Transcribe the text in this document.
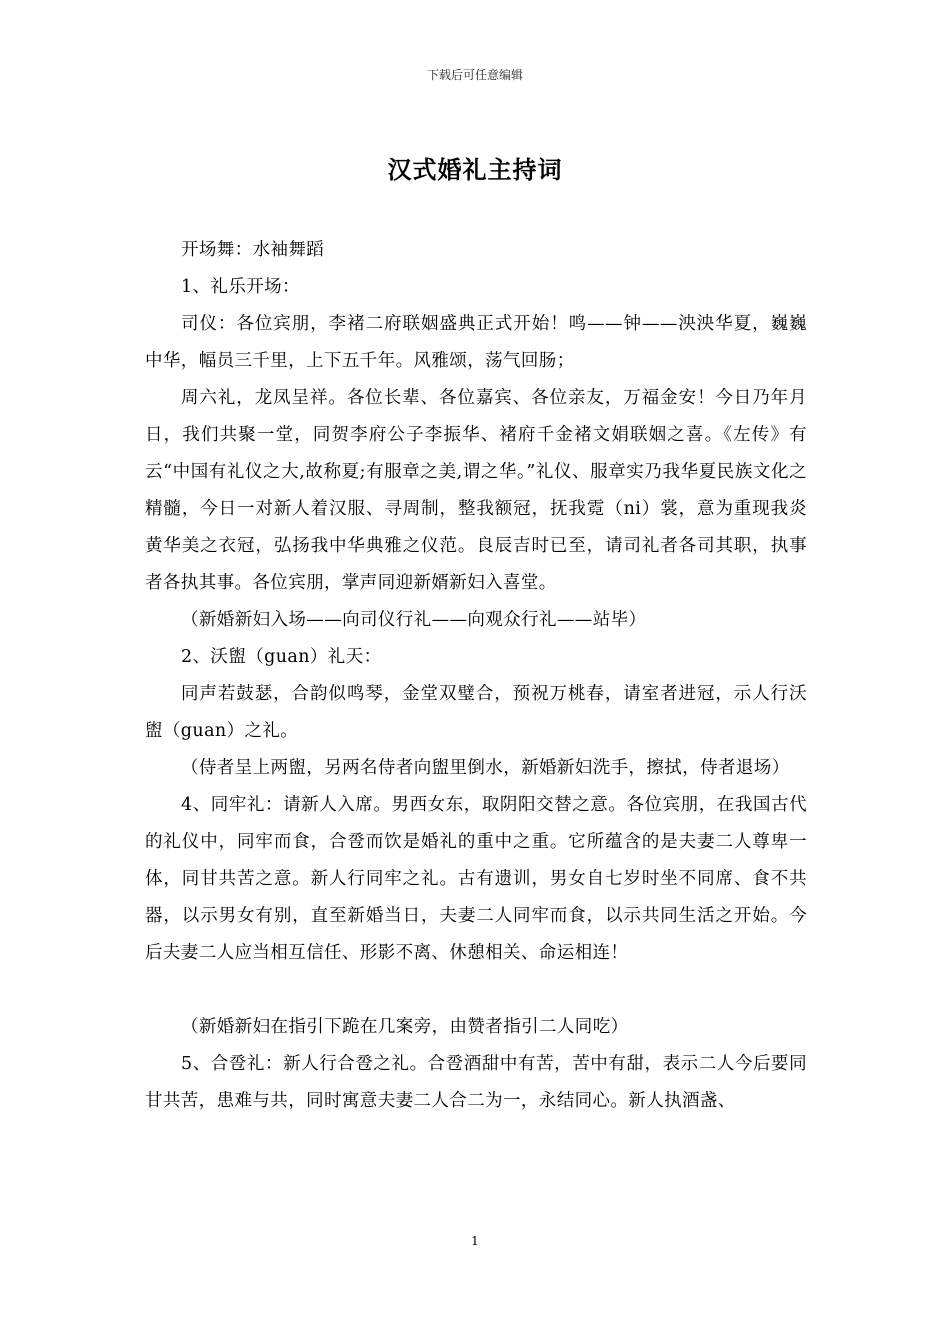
下载后可任意编辑
汉式婚礼主持词

开场舞：水袖舞蹈

1、礼乐开场：

司仪：各位宾朋，李褚二府联姻盛典正式开始！鸣——钟——泱泱华夏，巍巍中华，幅员三千里，上下五千年。风雅颂，荡气回肠；

周六礼，龙凤呈祥。各位长辈、各位嘉宾、各位亲友，万福金安！今日乃年月日，我们共聚一堂，同贺李府公子李振华、褚府千金褚文娟联姻之喜。《左传》有云“中国有礼仪之大,故称夏;有服章之美,谓之华。”礼仪、服章实乃我华夏民族文化之精髓，今日一对新人着汉服、寻周制，整我额冠，抚我霓（ni）裳，意为重现我炎黄华美之衣冠，弘扬我中华典雅之仪范。良辰吉时已至，请司礼者各司其职，执事者各执其事。各位宾朋，掌声同迎新婿新妇入喜堂。

（新婚新妇入场——向司仪行礼——向观众行礼——站毕）

2、沃盥（guan）礼天：

同声若鼓瑟，合韵似鸣琴，金堂双璧合，预祝万桃春，请室者进冠，示人行沃盥（guan）之礼。

（侍者呈上两盥，另两名侍者向盥里倒水，新婚新妇洗手，擦拭，侍者退场）

4、同牢礼：请新人入席。男西女东，取阴阳交替之意。各位宾朋，在我国古代的礼仪中，同牢而食，合卺而饮是婚礼的重中之重。它所蕴含的是夫妻二人尊卑一体，同甘共苦之意。新人行同牢之礼。古有遗训，男女自七岁时坐不同席、食不共器，以示男女有别，直至新婚当日，夫妻二人同牢而食，以示共同生活之开始。今后夫妻二人应当相互信任、形影不离、休憩相关、命运相连！

（新婚新妇在指引下跪在几案旁，由赞者指引二人同吃）

5、合卺礼：新人行合卺之礼。合卺酒甜中有苦，苦中有甜，表示二人今后要同甘共苦，患难与共，同时寓意夫妻二人合二为一，永结同心。新人执酒盏、

1
